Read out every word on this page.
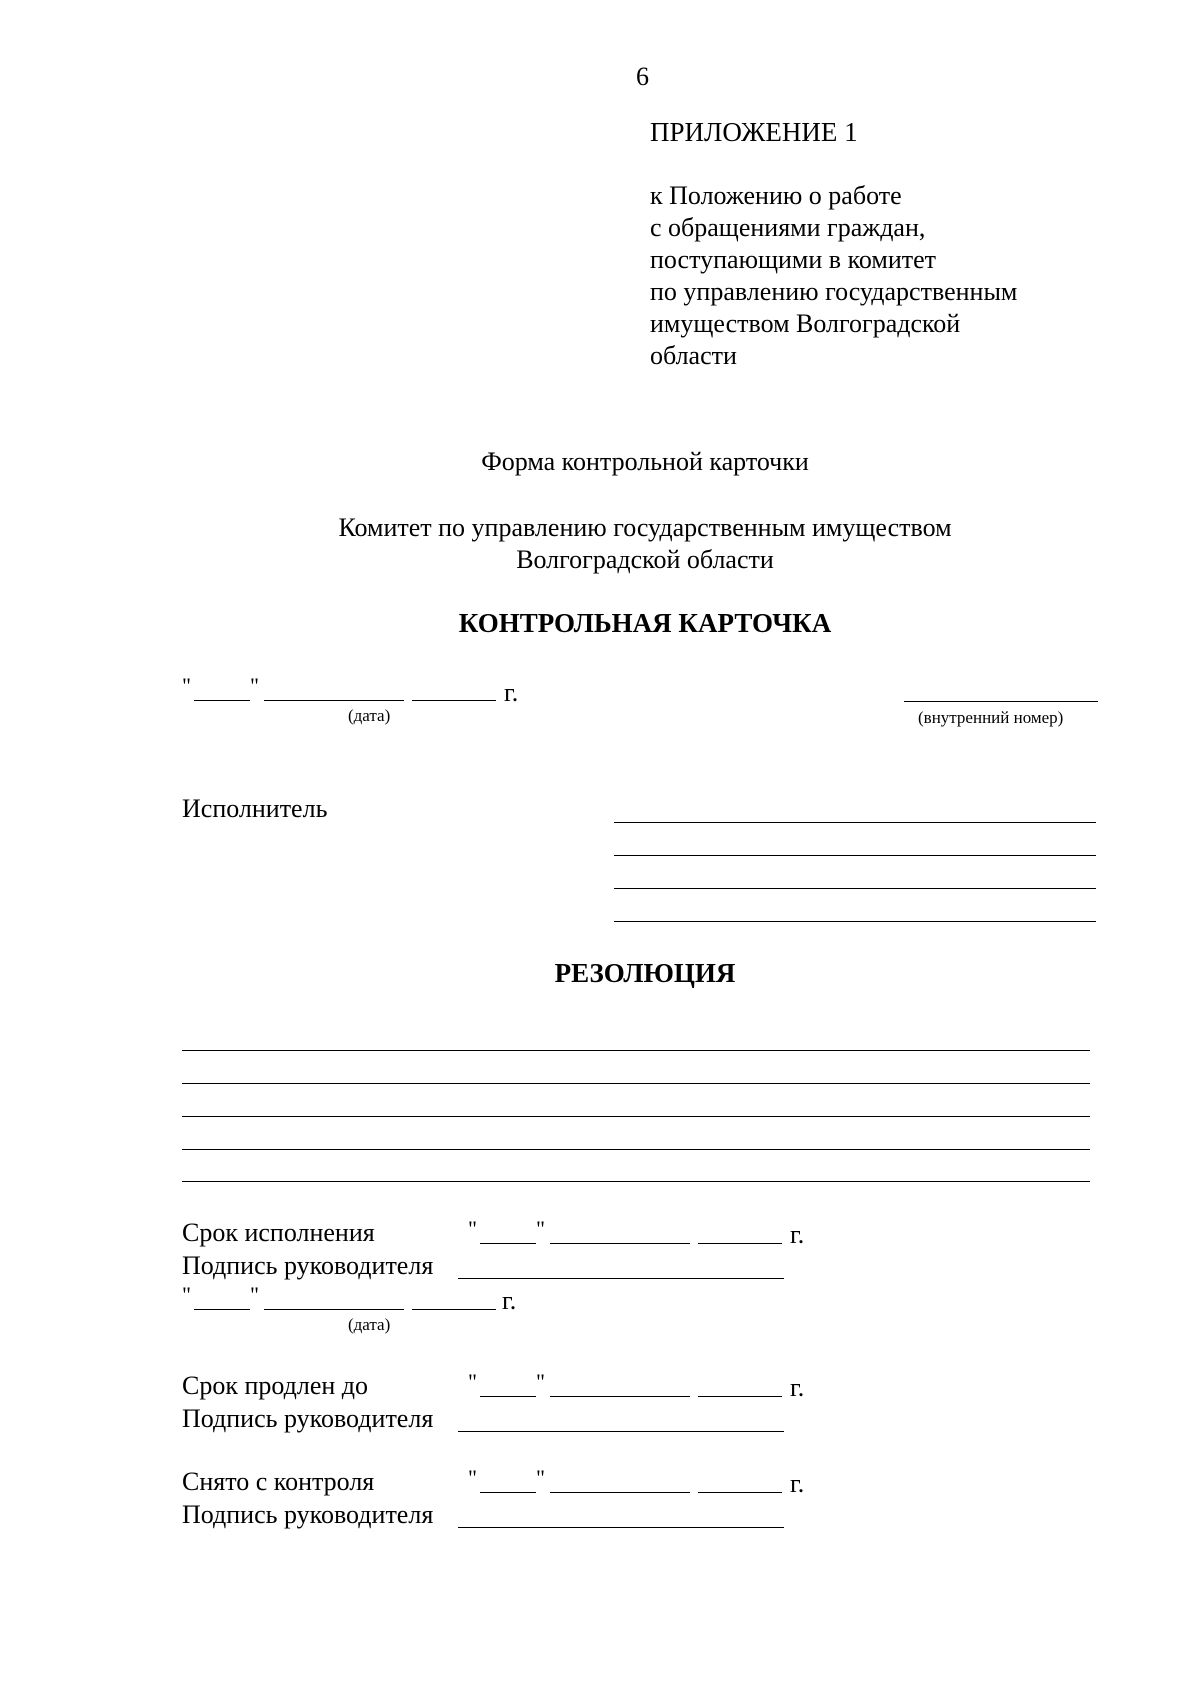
6
ПРИЛОЖЕНИЕ 1
к Положению о работе
с обращениями граждан,
поступающими в комитет
по управлению государственным
имуществом Волгоградской
области
Форма контрольной карточки
Комитет по управлению государственным имуществом
Волгоградской области
КОНТРОЛЬНАЯ КАРТОЧКА
"	"	г.
(дата)	(внутренний номер)
Исполнитель
РЕЗОЛЮЦИЯ
Срок исполнения	"	"	г.
Подпись руководителя
"	"	г.
(дата)
Срок продлен до	"	"	г.
Подпись руководителя
Снято с контроля	"	"	г.
Подпись руководителя
